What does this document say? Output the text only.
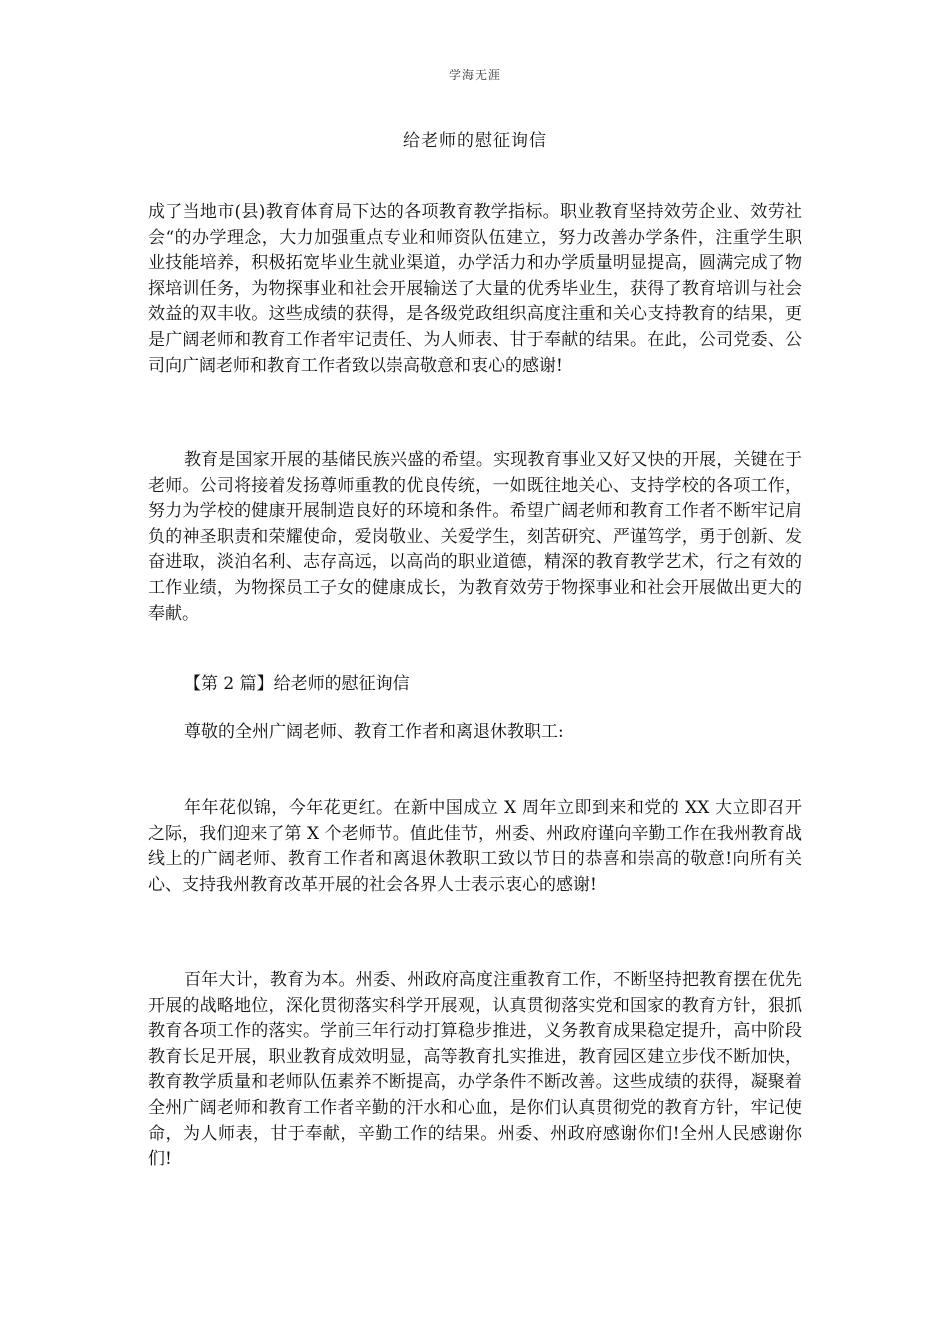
学海无涯
给老师的慰征询信
成了当地市(县)教育体育局下达的各项教育教学指标。职业教育坚持效劳企业、效劳社会“的办学理念，大力加强重点专业和师资队伍建立，努力改善办学条件，注重学生职业技能培养，积极拓宽毕业生就业渠道，办学活力和办学质量明显提高，圆满完成了物探培训任务，为物探事业和社会开展输送了大量的优秀毕业生，获得了教育培训与社会效益的双丰收。这些成绩的获得，是各级党政组织高度注重和关心支持教育的结果，更是广阔老师和教育工作者牢记责任、为人师表、甘于奉献的结果。在此，公司党委、公司向广阔老师和教育工作者致以崇高敬意和衷心的感谢!
教育是国家开展的基储民族兴盛的希望。实现教育事业又好又快的开展，关键在于老师。公司将接着发扬尊师重教的优良传统，一如既往地关心、支持学校的各项工作，努力为学校的健康开展制造良好的环境和条件。希望广阔老师和教育工作者不断牢记肩负的神圣职责和荣耀使命，爱岗敬业、关爱学生，刻苦研究、严谨笃学，勇于创新、发奋进取，淡泊名利、志存高远，以高尚的职业道德，精深的教育教学艺术，行之有效的工作业绩，为物探员工子女的健康成长，为教育效劳于物探事业和社会开展做出更大的奉献。
【第 2 篇】给老师的慰征询信
尊敬的全州广阔老师、教育工作者和离退休教职工:
年年花似锦，今年花更红。在新中国成立 X 周年立即到来和党的 XX 大立即召开之际，我们迎来了第 X 个老师节。值此佳节，州委、州政府谨向辛勤工作在我州教育战线上的广阔老师、教育工作者和离退休教职工致以节日的恭喜和崇高的敬意!向所有关心、支持我州教育改革开展的社会各界人士表示衷心的感谢!
百年大计，教育为本。州委、州政府高度注重教育工作，不断坚持把教育摆在优先开展的战略地位，深化贯彻落实科学开展观，认真贯彻落实党和国家的教育方针，狠抓教育各项工作的落实。学前三年行动打算稳步推进，义务教育成果稳定提升，高中阶段教育长足开展，职业教育成效明显，高等教育扎实推进，教育园区建立步伐不断加快，教育教学质量和老师队伍素养不断提高，办学条件不断改善。这些成绩的获得，凝聚着全州广阔老师和教育工作者辛勤的汗水和心血，是你们认真贯彻党的教育方针，牢记使命，为人师表，甘于奉献，辛勤工作的结果。州委、州政府感谢你们!全州人民感谢你们!
